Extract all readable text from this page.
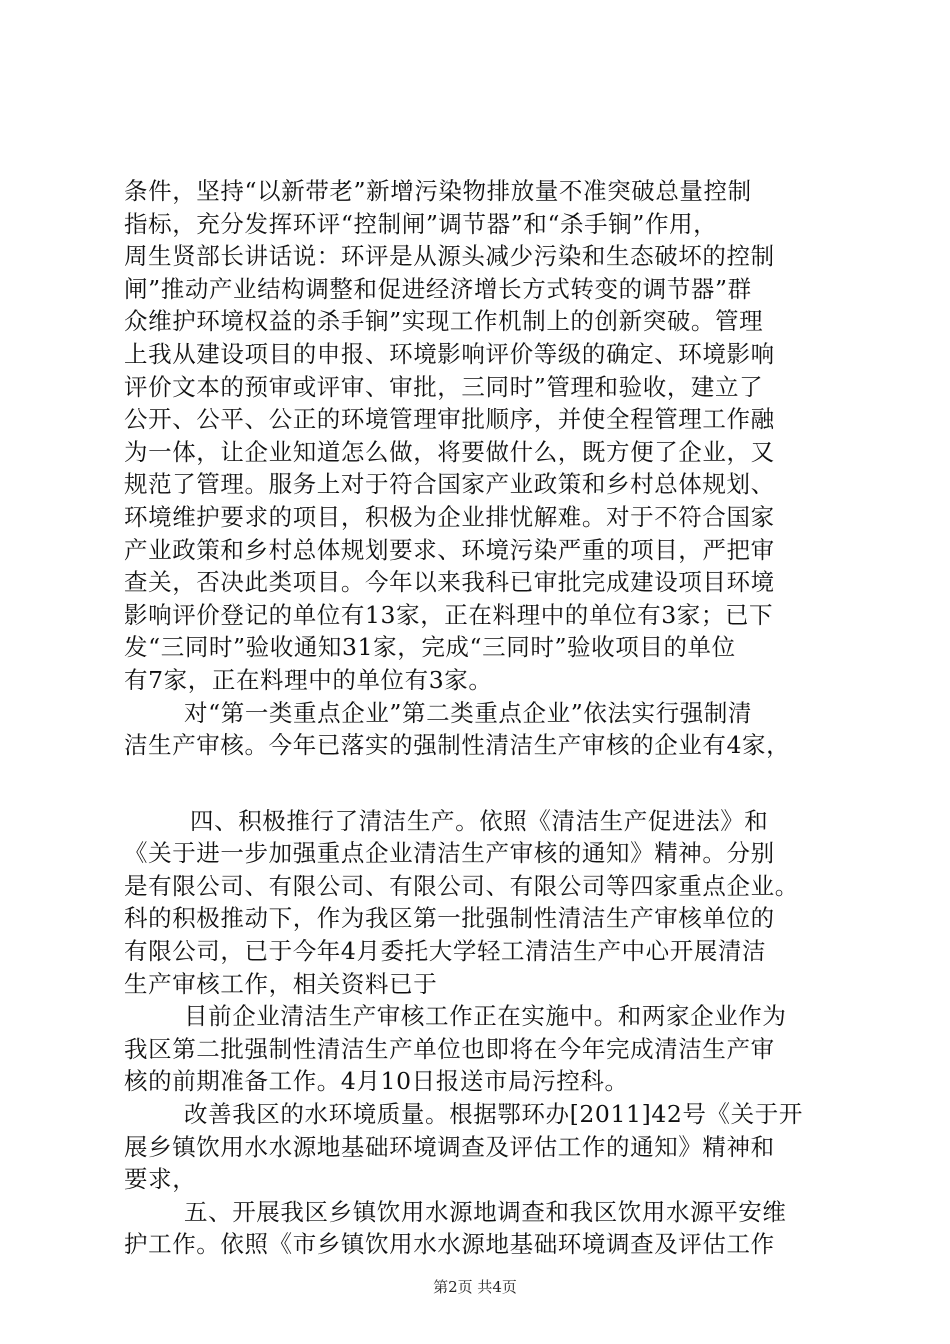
条件，坚持“以新带老”新增污染物排放量不准突破总量控制
指标，充分发挥环评“控制闸”调节器”和“杀手锏”作用，
周生贤部长讲话说：环评是从源头减少污染和生态破坏的控制
闸”推动产业结构调整和促进经济增长方式转变的调节器”群
众维护环境权益的杀手锏”实现工作机制上的创新突破。管理
上我从建设项目的申报、环境影响评价等级的确定、环境影响
评价文本的预审或评审、审批，三同时”管理和验收，建立了
公开、公平、公正的环境管理审批顺序，并使全程管理工作融
为一体，让企业知道怎么做，将要做什么，既方便了企业，又
规范了管理。服务上对于符合国家产业政策和乡村总体规划、
环境维护要求的项目，积极为企业排忧解难。对于不符合国家
产业政策和乡村总体规划要求、环境污染严重的项目，严把审
查关，否决此类项目。今年以来我科已审批完成建设项目环境
影响评价登记的单位有13家，正在料理中的单位有3家；已下
发“三同时”验收通知31家，完成“三同时”验收项目的单位
有7家，正在料理中的单位有3家。
对“第一类重点企业”第二类重点企业”依法实行强制清
洁生产审核。今年已落实的强制性清洁生产审核的企业有4家，
四、积极推行了清洁生产。依照《清洁生产促进法》和
《关于进一步加强重点企业清洁生产审核的通知》精神。分别
是有限公司、有限公司、有限公司、有限公司等四家重点企业。
科的积极推动下，作为我区第一批强制性清洁生产审核单位的
有限公司，已于今年4月委托大学轻工清洁生产中心开展清洁
生产审核工作，相关资料已于
目前企业清洁生产审核工作正在实施中。和两家企业作为
我区第二批强制性清洁生产单位也即将在今年完成清洁生产审
核的前期准备工作。4月10日报送市局污控科。
改善我区的水环境质量。根据鄂环办[2011]42号《关于开
展乡镇饮用水水源地基础环境调查及评估工作的通知》精神和
要求，
五、开展我区乡镇饮用水源地调查和我区饮用水源平安维
护工作。依照《市乡镇饮用水水源地基础环境调查及评估工作
第2页 共4页
